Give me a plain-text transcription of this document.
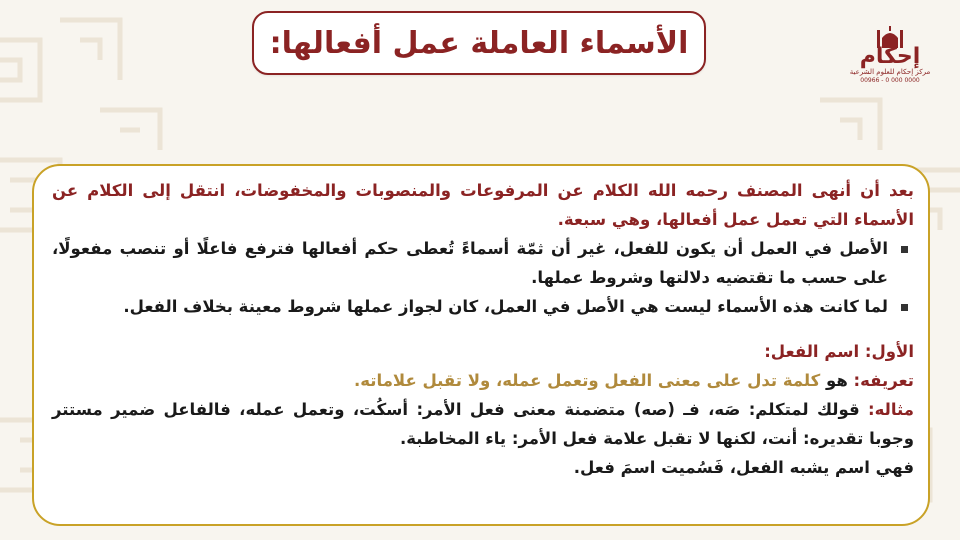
الأسماء العاملة عمل أفعالها:	إحكام
مركز إحكام للعلوم الشرعية
00966 - 0 000 0000

بعد أن أنهى المصنف رحمه الله الكلام عن المرفوعات والمنصوبات والمخفوضات، انتقل إلى الكلام عن الأسماء التي تعمل عمل أفعالها، وهي سبعة.

الأصل في العمل أن يكون للفعل، غير أن ثمّة أسماءً تُعطى حكم أفعالها فترفع فاعلًا أو تنصب مفعولًا، على حسب ما تقتضيه دلالتها وشروط عملها.
لما كانت هذه الأسماء ليست هي الأصل في العمل، كان لجواز عملها شروط معينة بخلاف الفعل.

الأول: اسم الفعل:

تعريفه: هو كلمة تدل على معنى الفعل وتعمل عمله، ولا تقبل علاماته.

مثاله: قولك لمتكلم: صَه، فـ (صه) متضمنة معنى فعل الأمر: أسكُت، وتعمل عمله، فالفاعل ضمير مستتر وجوبا تقديره: أنت، لكنها لا تقبل علامة فعل الأمر: ياء المخاطبة.

فهي اسم يشبه الفعل، فَسُميت اسمَ فعل.
